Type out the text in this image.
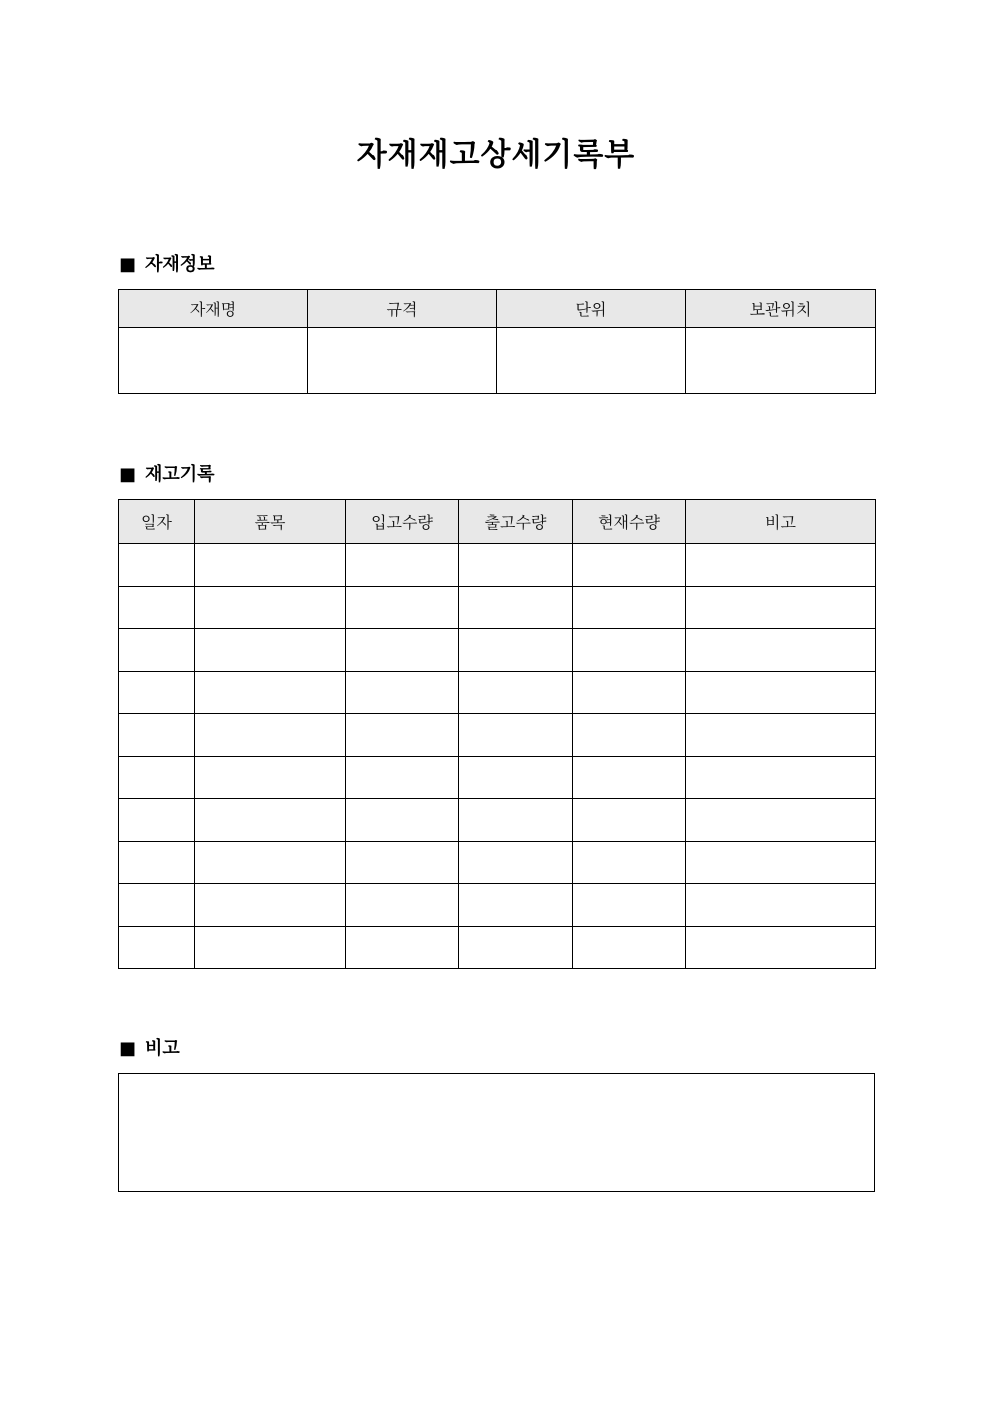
자재재고상세기록부
■ 자재정보
자재명	규격	단위	보관위치

■ 재고기록
일자	품목	입고수량	출고수량	현재수량	비고

■ 비고
